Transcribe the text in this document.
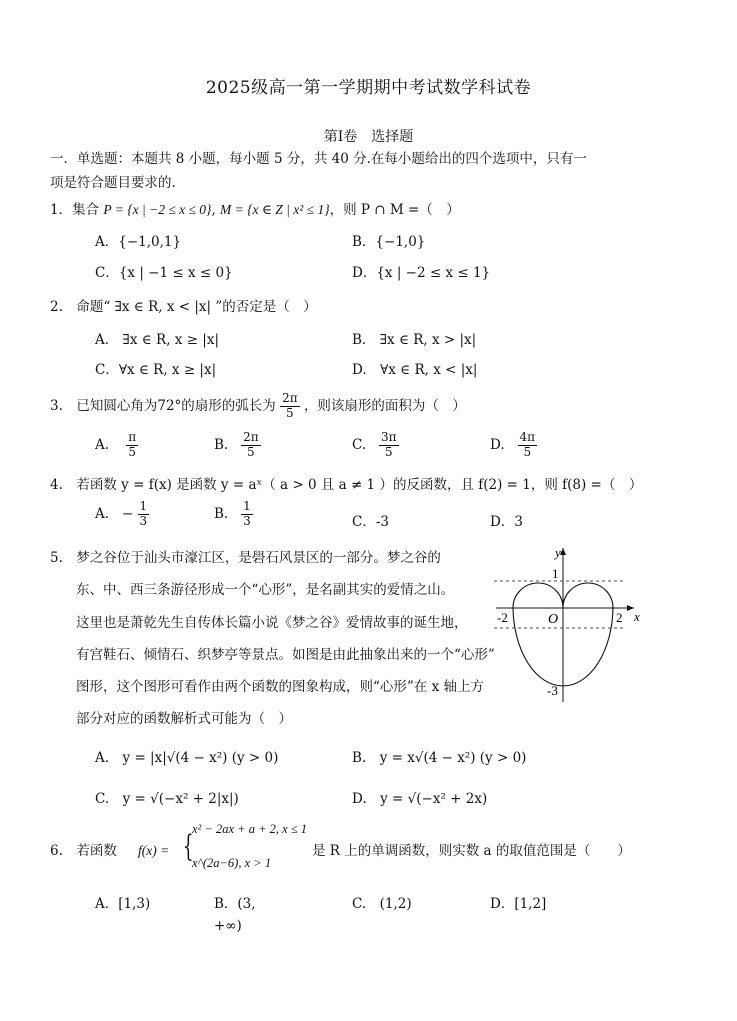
2025级高一第一学期期中考试数学科试卷
第Ⅰ卷　选择题
一．单选题：本题共 8 小题，每小题 5 分，共 40 分.在每小题给出的四个选项中，只有一
项是符合题目要求的.
1．集合 P = {x | −2 ≤ x ≤ 0}, M = {x ∈ Z | x² ≤ 1}，则 P ∩ M =（　）
A．{−1,0,1}	B．{−1,0}
C．{x | −1 ≤ x ≤ 0}	D．{x | −2 ≤ x ≤ 1}
2.　命题“ ∃x ∈ R, x < |x| ”的否定是（　）
A.　∃x ∈ R, x ≥ |x|	B.　∃x ∈ R, x > |x|
C．∀x ∈ R, x ≥ |x|	D.　∀x ∈ R, x < |x|
3.　已知圆心角为72°的扇形的弧长为 $\frac{2\pi}{5}$ ，则该扇形的面积为（　）
A. $\frac{\pi}{5}$	B. $\frac{2\pi}{5}$	C. $\frac{3\pi}{5}$	D. $\frac{4\pi}{5}$
4.　若函数 y = f(x) 是函数 y = aˣ（ a > 0 且 a ≠ 1 ）的反函数，且 f(2) = 1，则 f(8) =（　）
A. − $\frac{1}{3}$	B. $\frac{1}{3}$	C．-3	D．3
5.　梦之谷位于汕头市濠江区，是礐石风景区的一部分。梦之谷的
东、中、西三条游径形成一个“心形”，是名副其实的爱情之山。
这里也是萧乾先生自传体长篇小说《梦之谷》爱情故事的诞生地，
有宫鞋石、倾情石、织梦亭等景点。如图是由此抽象出来的一个“心形”
图形，这个图形可看作由两个函数的图象构成，则“心形”在 x 轴上方
部分对应的函数解析式可能为（　）
y
x
O
1
-2	2
-3
A.　y = |x|√(4 − x²) (y > 0)	B.　y = x√(4 − x²) (y > 0)
C.　y = √(−x² + 2|x|)	D.　y = √(−x² + 2x)
6.　若函数 f(x) = {
x² − 2ax + a + 2, x ≤ 1
x^(2a−6), x > 1
是 R 上的单调函数，则实数 a 的取值范围是（　　）
A．[1,3)	B．(3,
+∞)
C.　(1,2)	D．[1,2]
